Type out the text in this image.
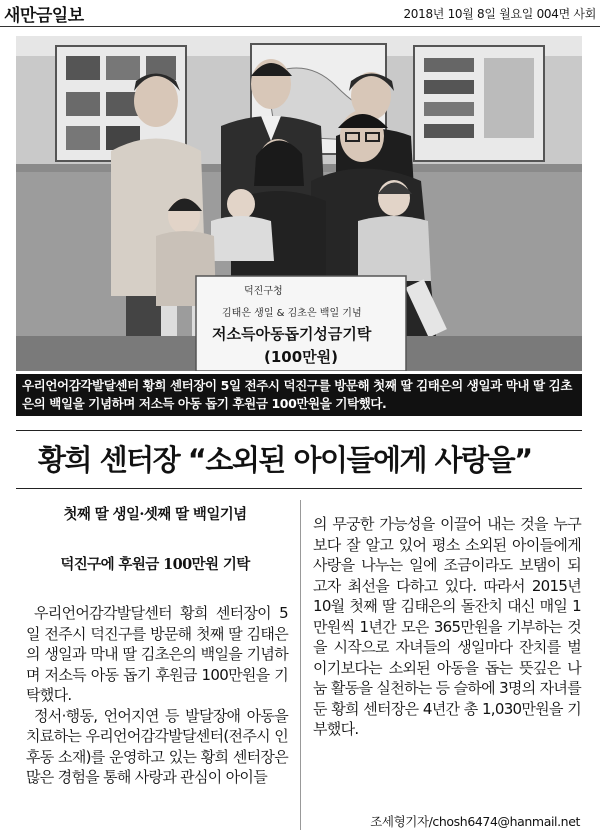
새만금일보	2018년 10월 8일 월요일 004면 사회
덕진구청
김태은 생일 & 김초은 백일 기념
저소득아동돕기성금기탁
(100만원)
우리언어감각발달센터 황희 센터장이 5일 전주시 덕진구를 방문해 첫째 딸 김태은의 생일과 막내 딸 김초은의 백일을 기념하며 저소득 아동 돕기 후원금 100만원을 기탁했다.
황희 센터장 “소외된 아이들에게 사랑을”
첫째 딸 생일·셋째 딸 백일기념
덕진구에 후원금 100만원 기탁

우리언어감각발달센터 황희 센터장이 5일 전주시 덕진구를 방문해 첫째 딸 김태은의 생일과 막내 딸 김초은의 백일을 기념하며 저소득 아동 돕기 후원금 100만원을 기탁했다.

정서·행동, 언어지연 등 발달장애 아동을 치료하는 우리언어감각발달센터(전주시 인후동 소재)를 운영하고 있는 황희 센터장은 많은 경험을 통해 사랑과 관심이 아이들

의 무궁한 가능성을 이끌어 내는 것을 누구보다 잘 알고 있어 평소 소외된 아이들에게 사랑을 나누는 일에 조금이라도 보탬이 되고자 최선을 다하고 있다. 따라서 2015년 10월 첫째 딸 김태은의 돌잔치 대신 매일 1만원씩 1년간 모은 365만원을 기부하는 것을 시작으로 자녀들의 생일마다 잔치를 벌이기보다는 소외된 아동을 돕는 뜻깊은 나눔 활동을 실천하는 등 슬하에 3명의 자녀를 둔 황희 센터장은 4년간 총 1,030만원을 기부했다.

조세형기자/chosh6474@hanmail.net
